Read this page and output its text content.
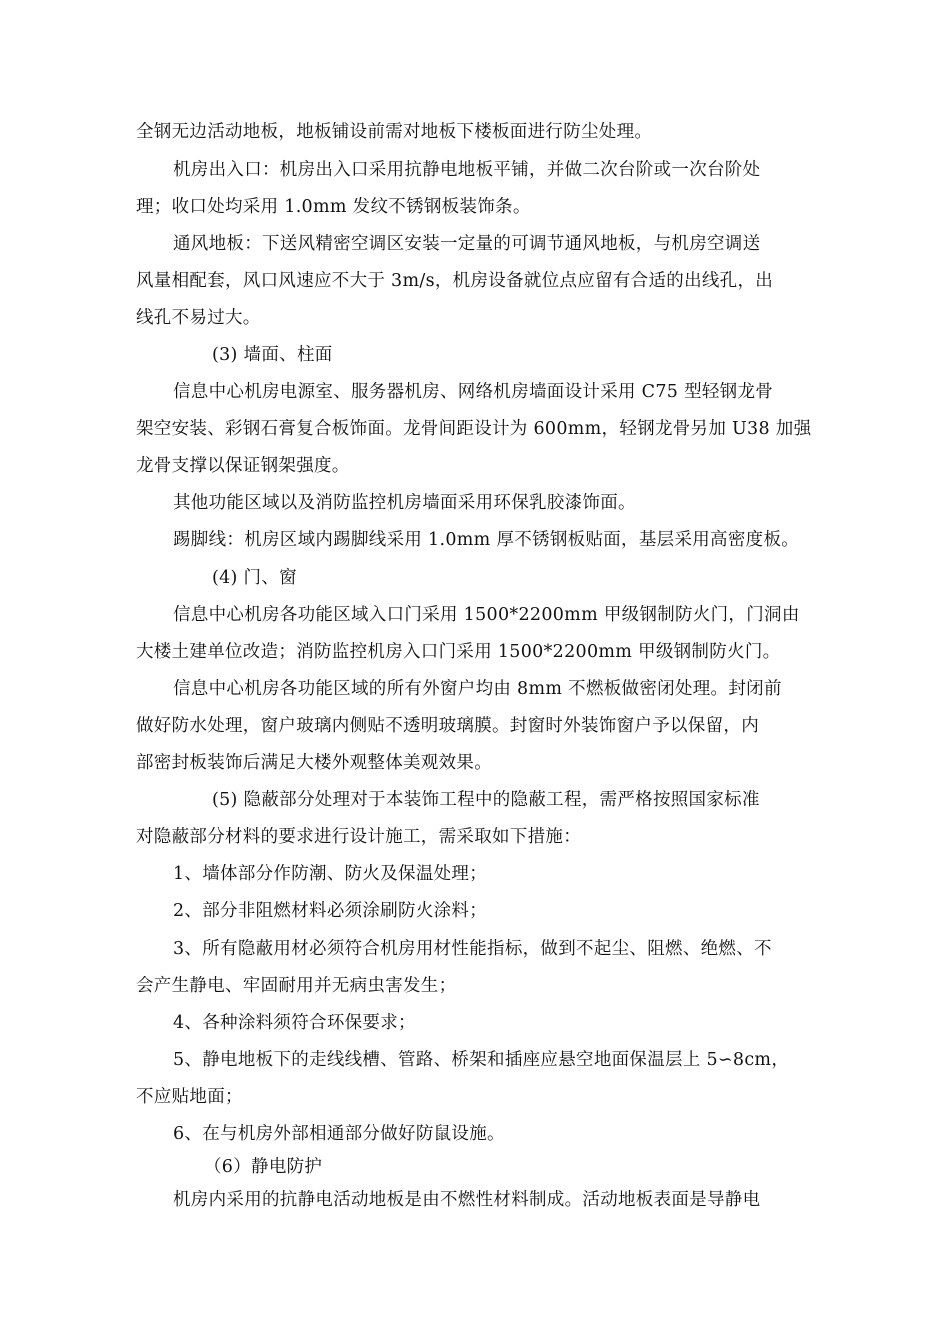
全钢无边活动地板，地板铺设前需对地板下楼板面进行防尘处理。
机房出入口：机房出入口采用抗静电地板平铺，并做二次台阶或一次台阶处
理；收口处均采用 1.0mm 发纹不锈钢板装饰条。
通风地板：下送风精密空调区安装一定量的可调节通风地板，与机房空调送
风量相配套，风口风速应不大于 3m/s，机房设备就位点应留有合适的出线孔，出
线孔不易过大。
(3) 墙面、柱面
信息中心机房电源室、服务器机房、网络机房墙面设计采用 C75 型轻钢龙骨
架空安装、彩钢石膏复合板饰面。龙骨间距设计为 600mm，轻钢龙骨另加 U38 加强
龙骨支撑以保证钢架强度。
其他功能区域以及消防监控机房墙面采用环保乳胶漆饰面。
踢脚线：机房区域内踢脚线采用 1.0mm 厚不锈钢板贴面，基层采用高密度板。
(4) 门、窗
信息中心机房各功能区域入口门采用 1500*2200mm 甲级钢制防火门，门洞由
大楼土建单位改造；消防监控机房入口门采用 1500*2200mm 甲级钢制防火门。
信息中心机房各功能区域的所有外窗户均由 8mm 不燃板做密闭处理。封闭前
做好防水处理，窗户玻璃内侧贴不透明玻璃膜。封窗时外装饰窗户予以保留，内
部密封板装饰后满足大楼外观整体美观效果。
(5) 隐蔽部分处理对于本装饰工程中的隐蔽工程，需严格按照国家标准
对隐蔽部分材料的要求进行设计施工，需采取如下措施：
1、墙体部分作防潮、防火及保温处理；
2、部分非阻燃材料必须涂刷防火涂料；
3、所有隐蔽用材必须符合机房用材性能指标，做到不起尘、阻燃、绝燃、不
会产生静电、牢固耐用并无病虫害发生；
4、各种涂料须符合环保要求；
5、静电地板下的走线线槽、管路、桥架和插座应悬空地面保温层上 5∽8cm，
不应贴地面；
6、在与机房外部相通部分做好防鼠设施。
（6）静电防护
机房内采用的抗静电活动地板是由不燃性材料制成。活动地板表面是导静电
